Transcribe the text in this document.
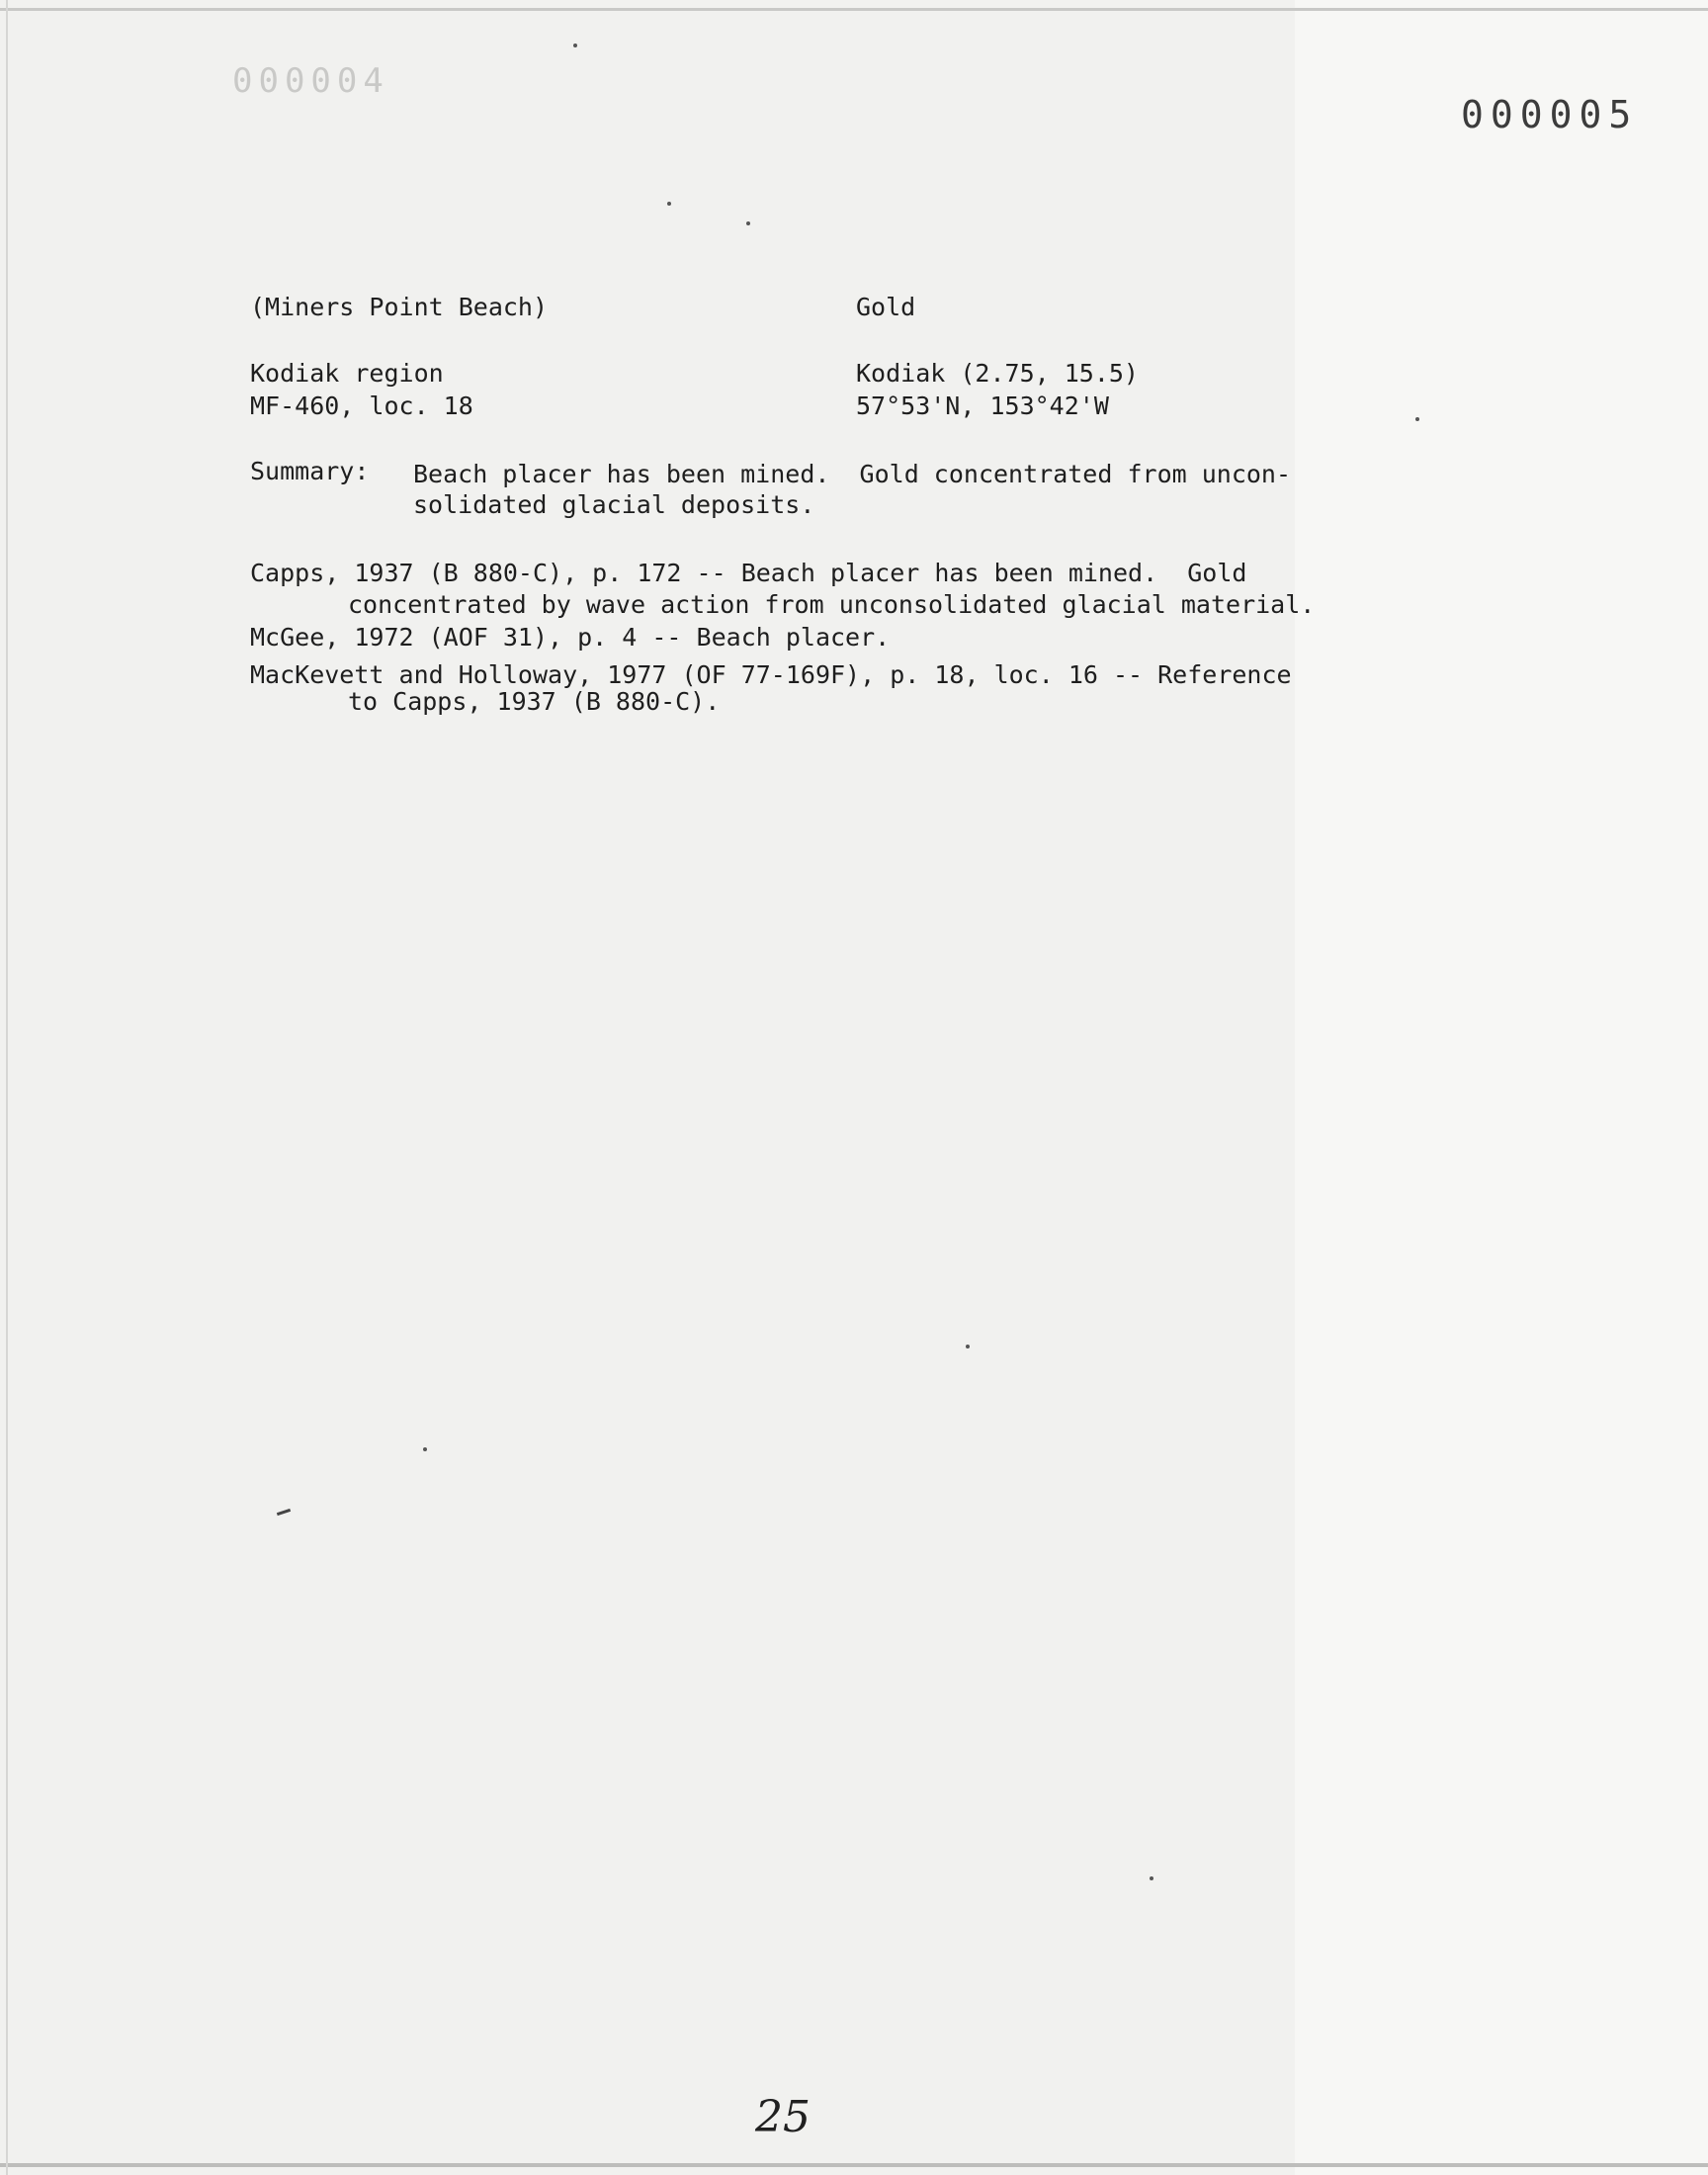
000004
000005
(Miners Point Beach)	Gold
Kodiak region	Kodiak (2.75, 15.5)
MF-460, loc. 18	57°53'N, 153°42'W
Summary: Beach placer has been mined.  Gold concentrated from uncon-
solidated glacial deposits.
Capps, 1937 (B 880-C), p. 172 -- Beach placer has been mined.  Gold
concentrated by wave action from unconsolidated glacial material.
McGee, 1972 (AOF 31), p. 4 -- Beach placer.
MacKevett and Holloway, 1977 (OF 77-169F), p. 18, loc. 16 -- Reference
to Capps, 1937 (B 880-C).
25
